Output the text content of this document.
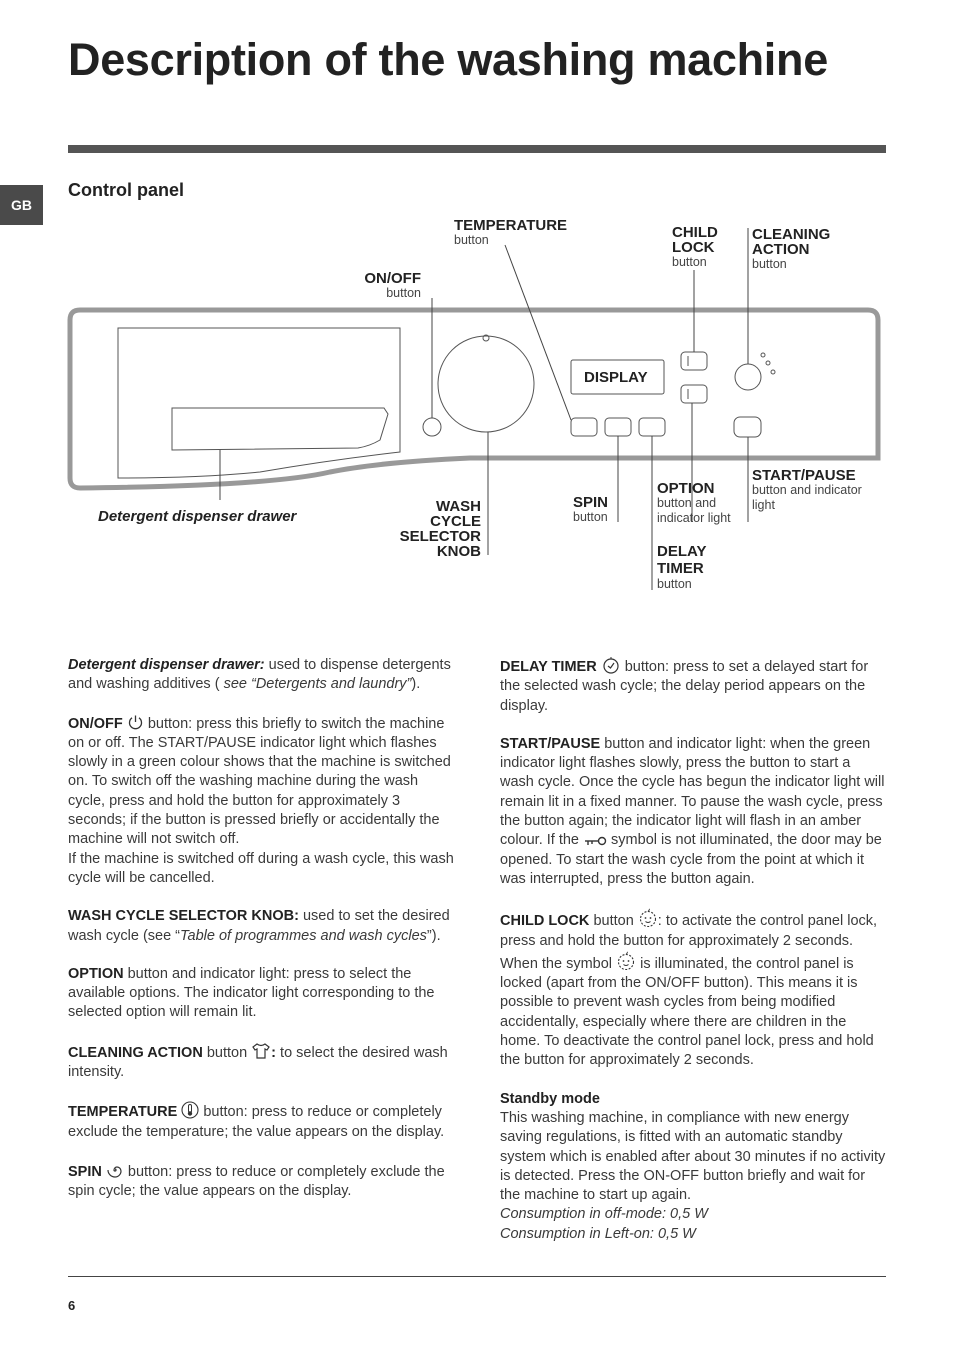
Description of the washing machine
GB
Control panel
TEMPERATURE
button
ON/OFF
button
CHILD
LOCK
button
CLEANING
ACTION
button
DISPLAY
Detergent dispenser drawer
WASH
CYCLE
SELECTOR
KNOB
SPIN
button
OPTION
button and
indicator light
DELAY
TIMER
button
START/PAUSE
button and indicator
light

Detergent dispenser drawer: used to dispense detergents and washing additives ( see “Detergents and laundry”).

ON/OFF  button: press this briefly to switch the machine on or off. The START/PAUSE indicator light which flashes slowly in a green colour shows that the machine is switched on. To switch off the washing machine during the wash cycle, press and hold the button for approximately 3 seconds; if the button is pressed briefly or accidentally the machine will not switch off.
If the machine is switched off during a wash cycle, this wash cycle will be cancelled.

WASH CYCLE SELECTOR KNOB: used to set the desired wash cycle (see “Table of programmes and wash cycles”).

OPTION button and indicator light: press to select the available options. The indicator light corresponding to the selected option will remain lit.

CLEANING ACTION button : to select the desired wash intensity.

TEMPERATURE  button: press to reduce or completely exclude the temperature; the value appears on the display.

SPIN  button: press to reduce or completely exclude the spin cycle; the value appears on the display.

DELAY TIMER  button: press to set a delayed start for the selected wash cycle; the delay period appears on the display.

START/PAUSE button and indicator light: when the green indicator light flashes slowly, press the button to start a wash cycle. Once the cycle has begun the indicator light will remain lit in a fixed manner. To pause the wash cycle, press the button again; the indicator light will flash in an amber colour. If the  symbol is not illuminated, the door may be opened. To start the wash cycle from the point at which it was interrupted, press the button again.

CHILD LOCK button : to activate the control panel lock, press and hold the button for approximately 2 seconds. When the symbol  is illuminated, the control panel is locked (apart from the ON/OFF button). This means it is possible to prevent wash cycles from being modified accidentally, especially where there are children in the home. To deactivate the control panel lock, press and hold the button for approximately 2 seconds.

Standby mode
This washing machine, in compliance with new energy saving regulations, is fitted with an automatic standby system which is enabled after about 30 minutes if no activity is detected. Press the ON-OFF button briefly and wait for the machine to start up again.
Consumption in off-mode: 0,5 W
Consumption in Left-on: 0,5 W

6
